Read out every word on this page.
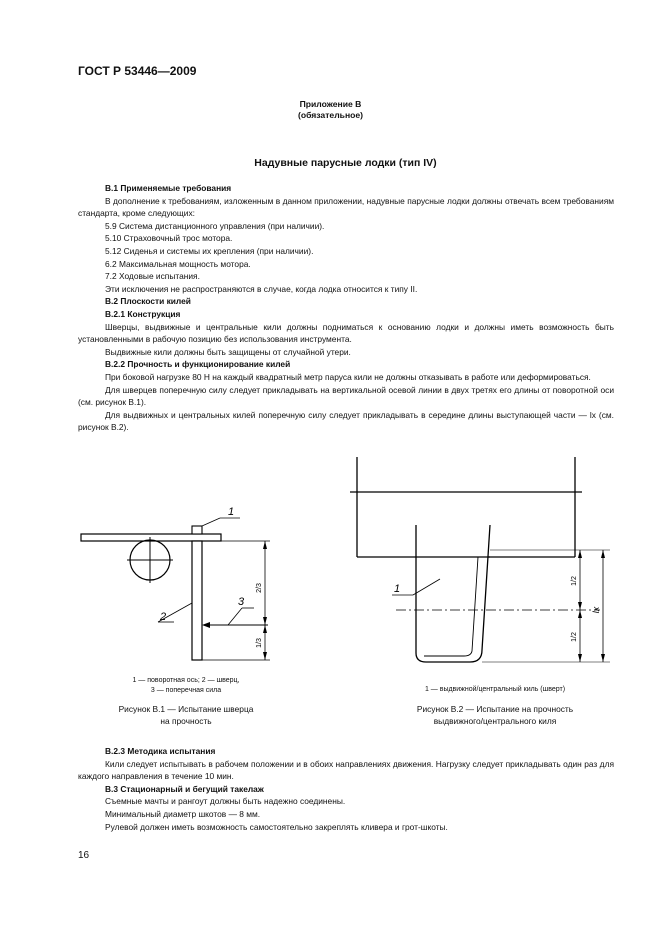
ГОСТ Р 53446—2009
Приложение В
(обязательное)
Надувные парусные лодки (тип IV)

В.1 Применяемые требования

В дополнение к требованиям, изложенным в данном приложении, надувные парусные лодки должны отвечать всем требованиям стандарта, кроме следующих:

5.9 Система дистанционного управления (при наличии).

5.10 Страховочный трос мотора.

5.12 Сиденья и системы их крепления (при наличии).

6.2 Максимальная мощность мотора.

7.2 Ходовые испытания.

Эти исключения не распространяются в случае, когда лодка относится к типу II.

В.2 Плоскости килей

В.2.1 Конструкция

Шверцы, выдвижные и центральные кили должны подниматься к основанию лодки и должны иметь возможность быть установленными в рабочую позицию без использования инструмента.

Выдвижные кили должны быть защищены от случайной утери.

В.2.2 Прочность и функционирование килей

При боковой нагрузке 80 Н на каждый квадратный метр паруса кили не должны отказывать в работе или деформироваться.

Для шверцев поперечную силу следует прикладывать на вертикальной осевой линии в двух третях его длины от поворотной оси (см. рисунок В.1).

Для выдвижных и центральных килей поперечную силу следует прикладывать в середине длины выступающей части — lx (см. рисунок В.2).

2/3
1/3
1
2
3
1 — поворотная ось; 2 — шверц,
3 — поперечная сила
Рисунок В.1 — Испытание шверца
на прочность
1/2
1/2
lx
1
1 — выдвижной/центральный киль (шверт)
Рисунок В.2 — Испытание на прочность
выдвижного/центрального киля

В.2.3 Методика испытания

Кили следует испытывать в рабочем положении и в обоих направлениях движения. Нагрузку следует прикладывать один раз для каждого направления в течение 10 мин.

В.3 Стационарный и бегущий такелаж

Съемные мачты и рангоут должны быть надежно соединены.

Минимальный диаметр шкотов — 8 мм.

Рулевой должен иметь возможность самостоятельно закреплять кливера и грот-шкоты.

16
